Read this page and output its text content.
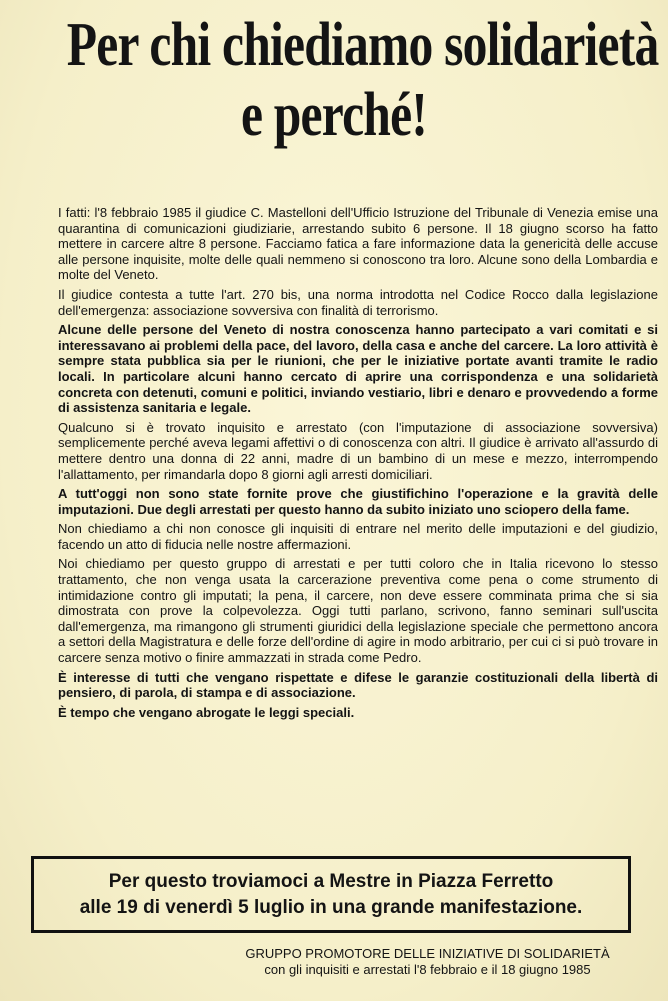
Per chi chiediamo solidarietà
e perché!

I fatti: l'8 febbraio 1985 il giudice C. Mastelloni dell'Ufficio Istruzione del Tribunale di Venezia emise una quarantina di comunicazioni giudiziarie, arrestando subito 6 persone. Il 18 giugno scorso ha fatto mettere in carcere altre 8 persone. Facciamo fatica a fare informazione data la genericità delle accuse alle persone inquisite, molte delle quali nemmeno si conoscono tra loro. Alcune sono della Lombardia e molte del Veneto.

Il giudice contesta a tutte l'art. 270 bis, una norma introdotta nel Codice Rocco dalla legislazione dell'emergenza: associazione sovversiva con finalità di terrorismo.

Alcune delle persone del Veneto di nostra conoscenza hanno partecipato a vari comitati e si interessavano ai problemi della pace, del lavoro, della casa e anche del carcere. La loro attività è sempre stata pubblica sia per le riunioni, che per le iniziative portate avanti tramite le radio locali. In particolare alcuni hanno cercato di aprire una corrispondenza e una solidarietà concreta con detenuti, comuni e politici, inviando vestiario, libri e denaro e provvedendo a forme di assistenza sanitaria e legale.

Qualcuno si è trovato inquisito e arrestato (con l'imputazione di associazione sovversiva) semplicemente perché aveva legami affettivi o di conoscenza con altri. Il giudice è arrivato all'assurdo di mettere dentro una donna di 22 anni, madre di un bambino di un mese e mezzo, interrompendo l'allattamento, per rimandarla dopo 8 giorni agli arresti domiciliari.

A tutt'oggi non sono state fornite prove che giustifichino l'operazione e la gravità delle imputazioni. Due degli arrestati per questo hanno da subito iniziato uno sciopero della fame.

Non chiediamo a chi non conosce gli inquisiti di entrare nel merito delle imputazioni e del giudizio, facendo un atto di fiducia nelle nostre affermazioni.

Noi chiediamo per questo gruppo di arrestati e per tutti coloro che in Italia ricevono lo stesso trattamento, che non venga usata la carcerazione preventiva come pena o come strumento di intimidazione contro gli imputati; la pena, il carcere, non deve essere comminata prima che si sia dimostrata con prove la colpevolezza. Oggi tutti parlano, scrivono, fanno seminari sull'uscita dall'emergenza, ma rimangono gli strumenti giuridici della legislazione speciale che permettono ancora a settori della Magistratura e delle forze dell'ordine di agire in modo arbitrario, per cui ci si può trovare in carcere senza motivo o finire ammazzati in strada come Pedro.

È interesse di tutti che vengano rispettate e difese le garanzie costituzionali della libertà di pensiero, di parola, di stampa e di associazione.

È tempo che vengano abrogate le leggi speciali.

Per questo troviamoci a Mestre in Piazza Ferretto
alle 19 di venerdì 5 luglio in una grande manifestazione.
GRUPPO PROMOTORE DELLE INIZIATIVE DI SOLIDARIETÀ
con gli inquisiti e arrestati l'8 febbraio e il 18 giugno 1985
